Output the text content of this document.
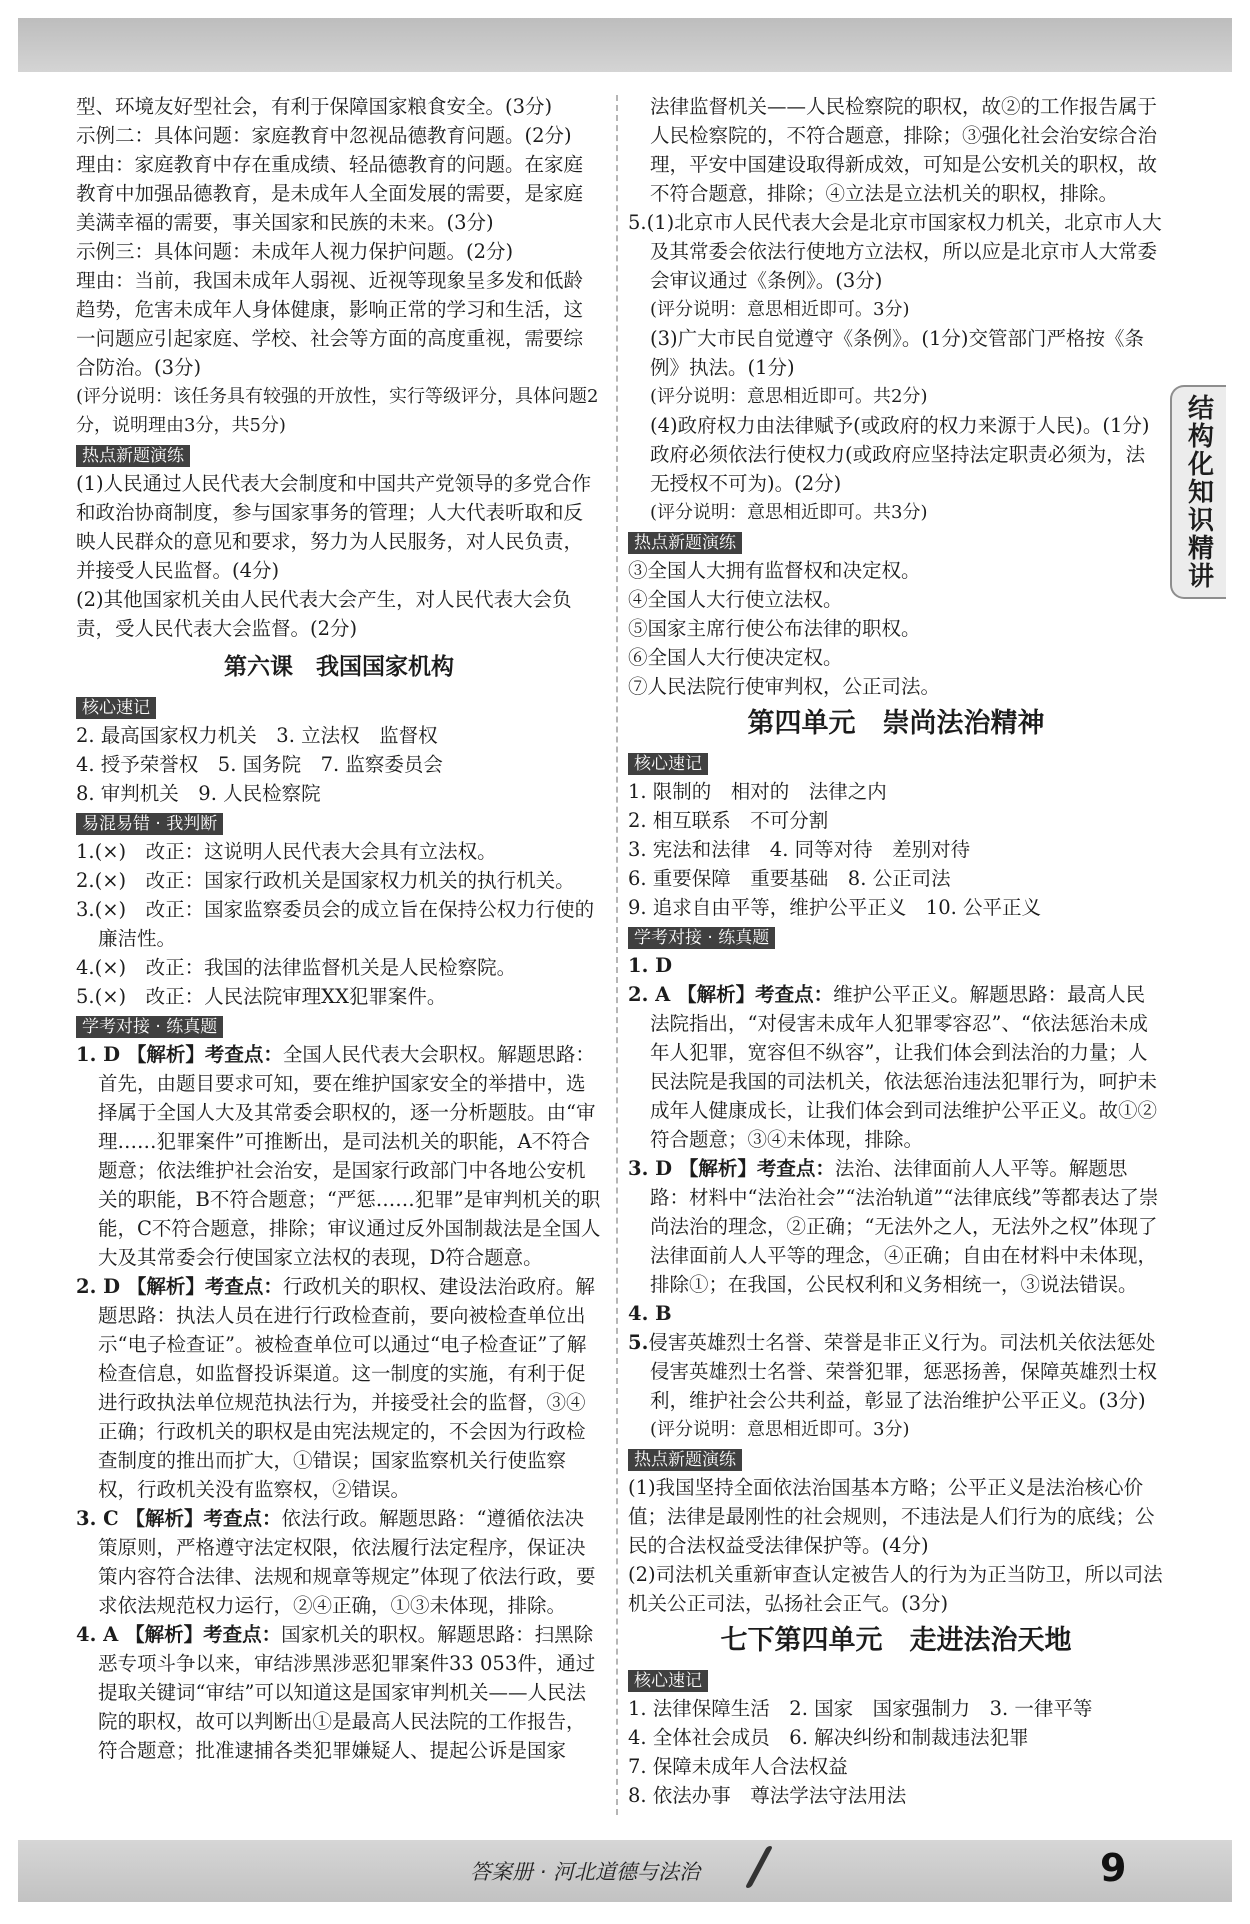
结构化知识精讲

型、环境友好型社会，有利于保障国家粮食安全。(3分)

示例二：具体问题：家庭教育中忽视品德教育问题。(2分)

理由：家庭教育中存在重成绩、轻品德教育的问题。在家庭教育中加强品德教育，是未成年人全面发展的需要，是家庭美满幸福的需要，事关国家和民族的未来。(3分)

示例三：具体问题：未成年人视力保护问题。(2分)

理由：当前，我国未成年人弱视、近视等现象呈多发和低龄趋势，危害未成年人身体健康，影响正常的学习和生活，这一问题应引起家庭、学校、社会等方面的高度重视，需要综合防治。(3分)

(评分说明：该任务具有较强的开放性，实行等级评分，具体问题2分，说明理由3分，共5分)

热点新题演练

(1)人民通过人民代表大会制度和中国共产党领导的多党合作和政治协商制度，参与国家事务的管理；人大代表听取和反映人民群众的意见和要求，努力为人民服务，对人民负责，并接受人民监督。(4分)

(2)其他国家机关由人民代表大会产生，对人民代表大会负责，受人民代表大会监督。(2分)

第六课　我国国家机构

核心速记

2. 最高国家权力机关　3. 立法权　监督权

4. 授予荣誉权　5. 国务院　7. 监察委员会

8. 审判机关　9. 人民检察院

易混易错 · 我判断

1.(×)　改正：这说明人民代表大会具有立法权。

2.(×)　改正：国家行政机关是国家权力机关的执行机关。

3.(×)　改正：国家监察委员会的成立旨在保持公权力行使的廉洁性。

4.(×)　改正：我国的法律监督机关是人民检察院。

5.(×)　改正：人民法院审理XX犯罪案件。

学考对接 · 练真题

1. D 【解析】考查点：全国人民代表大会职权。解题思路：首先，由题目要求可知，要在维护国家安全的举措中，选择属于全国人大及其常委会职权的，逐一分析题肢。由“审理……犯罪案件”可推断出，是司法机关的职能，A不符合题意；依法维护社会治安，是国家行政部门中各地公安机关的职能，B不符合题意；“严惩……犯罪”是审判机关的职能，C不符合题意，排除；审议通过反外国制裁法是全国人大及其常委会行使国家立法权的表现，D符合题意。

2. D 【解析】考查点：行政机关的职权、建设法治政府。解题思路：执法人员在进行行政检查前，要向被检查单位出示“电子检查证”。被检查单位可以通过“电子检查证”了解检查信息，如监督投诉渠道。这一制度的实施，有利于促进行政执法单位规范执法行为，并接受社会的监督，③④正确；行政机关的职权是由宪法规定的，不会因为行政检查制度的推出而扩大，①错误；国家监察机关行使监察权，行政机关没有监察权，②错误。

3. C 【解析】考查点：依法行政。解题思路：“遵循依法决策原则，严格遵守法定权限，依法履行法定程序，保证决策内容符合法律、法规和规章等规定”体现了依法行政，要求依法规范权力运行，②④正确，①③未体现，排除。

4. A 【解析】考查点：国家机关的职权。解题思路：扫黑除恶专项斗争以来，审结涉黑涉恶犯罪案件33 053件，通过提取关键词“审结”可以知道这是国家审判机关——人民法院的职权，故可以判断出①是最高人民法院的工作报告，符合题意；批准逮捕各类犯罪嫌疑人、提起公诉是国家

法律监督机关——人民检察院的职权，故②的工作报告属于人民检察院的，不符合题意，排除；③强化社会治安综合治理，平安中国建设取得新成效，可知是公安机关的职权，故不符合题意，排除；④立法是立法机关的职权，排除。

5.(1)北京市人民代表大会是北京市国家权力机关，北京市人大及其常委会依法行使地方立法权，所以应是北京市人大常委会审议通过《条例》。(3分)

(评分说明：意思相近即可。3分)

(3)广大市民自觉遵守《条例》。(1分)交管部门严格按《条例》执法。(1分)

(评分说明：意思相近即可。共2分)

(4)政府权力由法律赋予(或政府的权力来源于人民)。(1分)政府必须依法行使权力(或政府应坚持法定职责必须为，法无授权不可为)。(2分)

(评分说明：意思相近即可。共3分)

热点新题演练

③全国人大拥有监督权和决定权。

④全国人大行使立法权。

⑤国家主席行使公布法律的职权。

⑥全国人大行使决定权。

⑦人民法院行使审判权，公正司法。

第四单元　崇尚法治精神

核心速记

1. 限制的　相对的　法律之内

2. 相互联系　不可分割

3. 宪法和法律　4. 同等对待　差别对待

6. 重要保障　重要基础　8. 公正司法

9. 追求自由平等，维护公平正义　10. 公平正义

学考对接 · 练真题

1. D

2. A 【解析】考查点：维护公平正义。解题思路：最高人民法院指出，“对侵害未成年人犯罪零容忍”、“依法惩治未成年人犯罪，宽容但不纵容”，让我们体会到法治的力量；人民法院是我国的司法机关，依法惩治违法犯罪行为，呵护未成年人健康成长，让我们体会到司法维护公平正义。故①②符合题意；③④未体现，排除。

3. D 【解析】考查点：法治、法律面前人人平等。解题思路：材料中“法治社会”“法治轨道”“法律底线”等都表达了崇尚法治的理念，②正确；“无法外之人，无法外之权”体现了法律面前人人平等的理念，④正确；自由在材料中未体现，排除①；在我国，公民权利和义务相统一，③说法错误。

4. B

5.侵害英雄烈士名誉、荣誉是非正义行为。司法机关依法惩处侵害英雄烈士名誉、荣誉犯罪，惩恶扬善，保障英雄烈士权利，维护社会公共利益，彰显了法治维护公平正义。(3分)

(评分说明：意思相近即可。3分)

热点新题演练

(1)我国坚持全面依法治国基本方略；公平正义是法治核心价值；法律是最刚性的社会规则，不违法是人们行为的底线；公民的合法权益受法律保护等。(4分)

(2)司法机关重新审查认定被告人的行为为正当防卫，所以司法机关公正司法，弘扬社会正气。(3分)

七下第四单元　走进法治天地

核心速记

1. 法律保障生活　2. 国家　国家强制力　3. 一律平等

4. 全体社会成员　6. 解决纠纷和制裁违法犯罪

7. 保障未成年人合法权益

8. 依法办事　尊法学法守法用法

答案册 · 河北道德与法治	9
